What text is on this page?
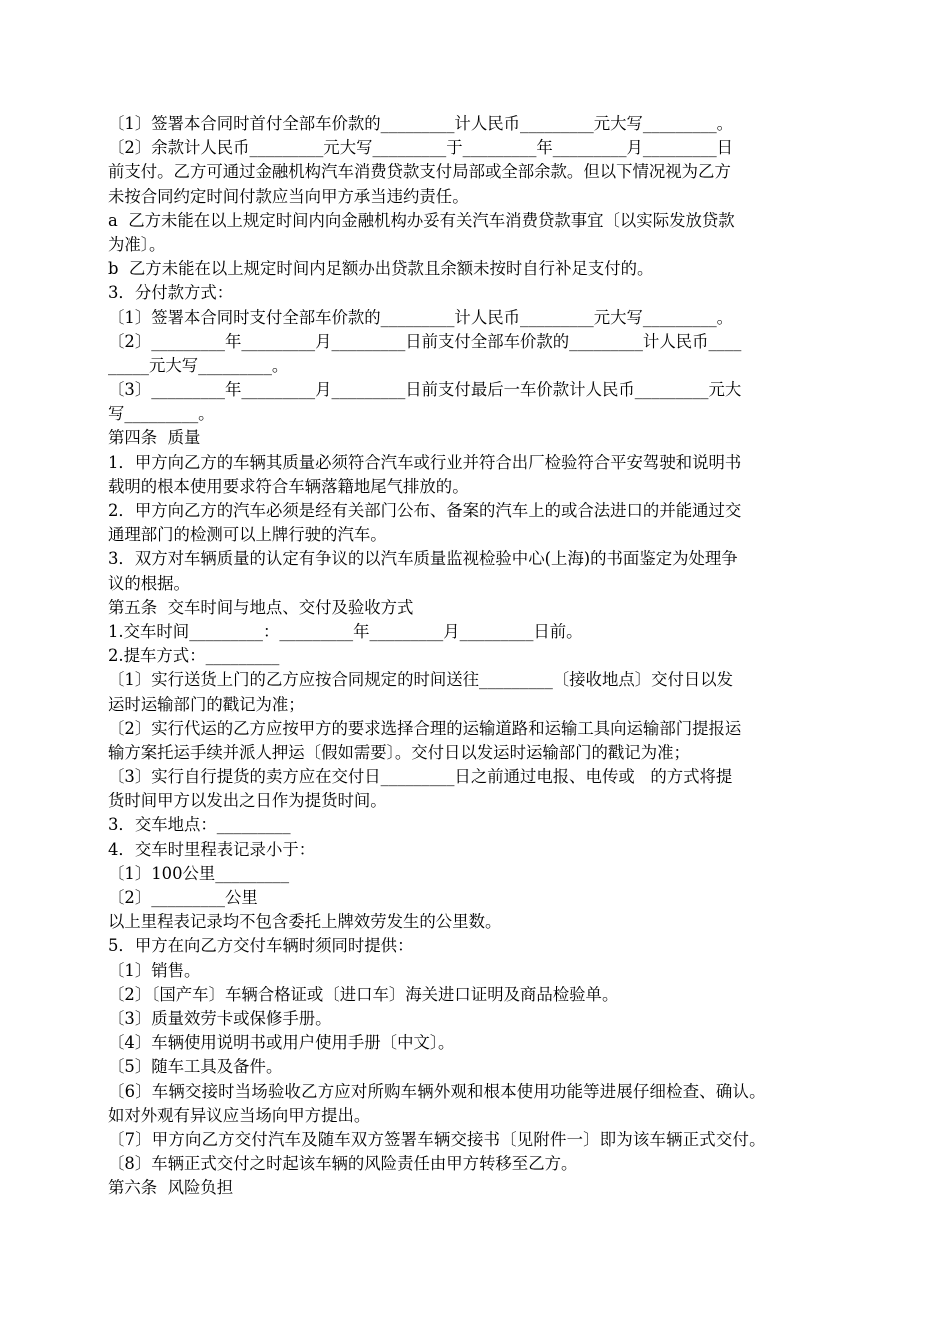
〔1〕签署本合同时首付全部车价款的_________计人民币_________元大写_________。

〔2〕余款计人民币_________元大写_________于_________年_________月_________日

前支付。乙方可通过金融机构汽车消费贷款支付局部或全部余款。但以下情况视为乙方

未按合同约定时间付款应当向甲方承当违约责任。

a  乙方未能在以上规定时间内向金融机构办妥有关汽车消费贷款事宜〔以实际发放贷款

为准〕。

b  乙方未能在以上规定时间内足额办出贷款且余额未按时自行补足支付的。

3．分付款方式：

〔1〕签署本合同时支付全部车价款的_________计人民币_________元大写_________。

〔2〕_________年_________月_________日前支付全部车价款的_________计人民币____

_____元大写_________。

〔3〕_________年_________月_________日前支付最后一车价款计人民币_________元大

写_________。

第四条  质量

1．甲方向乙方的车辆其质量必须符合汽车或行业并符合出厂检验符合平安驾驶和说明书

载明的根本使用要求符合车辆落籍地尾气排放的。

2．甲方向乙方的汽车必须是经有关部门公布、备案的汽车上的或合法进口的并能通过交

通理部门的检测可以上牌行驶的汽车。

3．双方对车辆质量的认定有争议的以汽车质量监视检验中心(上海)的书面鉴定为处理争

议的根据。

第五条  交车时间与地点、交付及验收方式

1.交车时间_________：_________年_________月_________日前。

2.提车方式：_________

〔1〕实行送货上门的乙方应按合同规定的时间送往_________〔接收地点〕交付日以发

运时运输部门的戳记为准；

〔2〕实行代运的乙方应按甲方的要求选择合理的运输道路和运输工具向运输部门提报运

输方案托运手续并派人押运〔假如需要〕。交付日以发运时运输部门的戳记为准；

〔3〕实行自行提货的卖方应在交付日_________日之前通过电报、电传或   的方式将提

货时间甲方以发出之日作为提货时间。

3．交车地点：_________

4．交车时里程表记录小于：

〔1〕100公里_________

〔2〕_________公里

以上里程表记录均不包含委托上牌效劳发生的公里数。

5．甲方在向乙方交付车辆时须同时提供：

〔1〕销售。

〔2〕〔国产车〕车辆合格证或〔进口车〕海关进口证明及商品检验单。

〔3〕质量效劳卡或保修手册。

〔4〕车辆使用说明书或用户使用手册〔中文〕。

〔5〕随车工具及备件。

〔6〕车辆交接时当场验收乙方应对所购车辆外观和根本使用功能等进展仔细检查、确认。

如对外观有异议应当场向甲方提出。

〔7〕甲方向乙方交付汽车及随车双方签署车辆交接书〔见附件一〕即为该车辆正式交付。

〔8〕车辆正式交付之时起该车辆的风险责任由甲方转移至乙方。

第六条  风险负担
